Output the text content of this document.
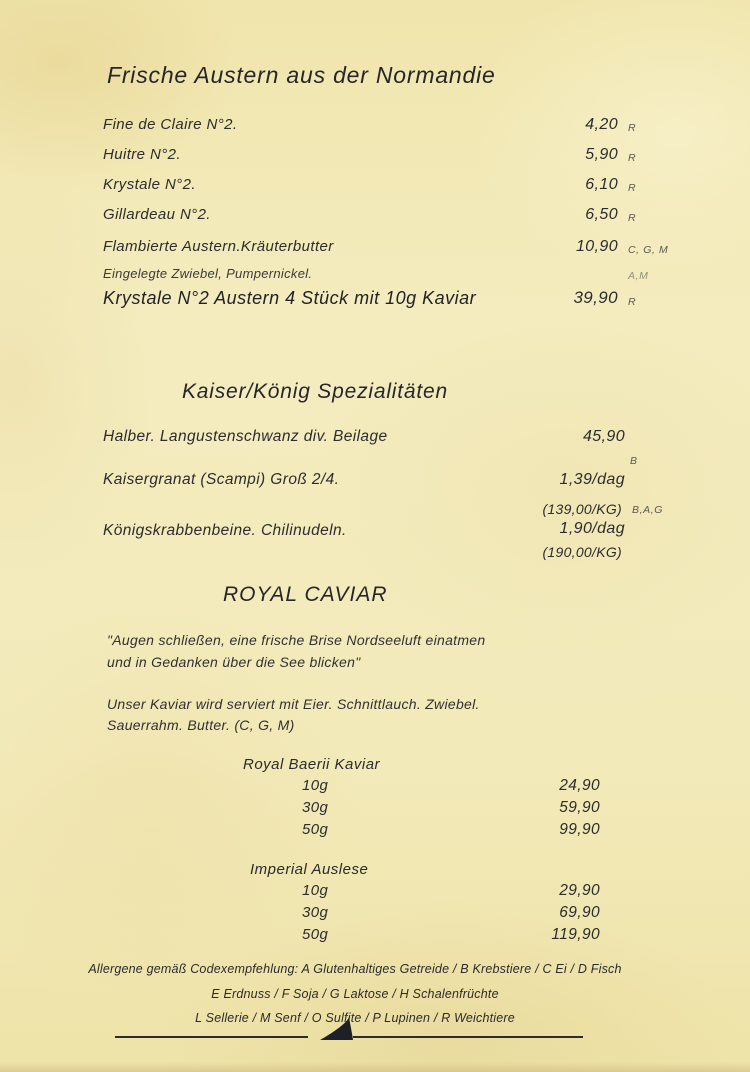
Frische Austern aus der Normandie
Fine de Claire N°2.	4,20 R
Huitre N°2.	5,90 R
Krystale N°2.	6,10 R
Gillardeau N°2.	6,50 R
Flambierte Austern.Kräuterbutter	10,90 C, G, M
Eingelegte Zwiebel, Pumpernickel.	A,M
Krystale N°2 Austern 4 Stück mit 10g Kaviar	39,90 R
Kaiser/König Spezialitäten
Halber. Langustenschwanz div. Beilage	45,90
B
Kaisergranat (Scampi) Groß 2/4.	1,39/dag
(139,00/KG) B,A,G
Königskrabbenbeine. Chilinudeln.	1,90/dag
(190,00/KG)
ROYAL CAVIAR
"Augen schließen, eine frische Brise Nordseeluft einatmen
und in Gedanken über die See blicken"
Unser Kaviar wird serviert mit Eier. Schnittlauch. Zwiebel.
Sauerrahm. Butter. (C, G, M)
Royal Baerii Kaviar
10g	24,90
30g	59,90
50g	99,90
Imperial Auslese
10g	29,90
30g	69,90
50g	119,90
Allergene gemäß Codexempfehlung: A Glutenhaltiges Getreide / B Krebstiere / C Ei / D Fisch
E Erdnuss / F Soja / G Laktose / H Schalenfrüchte
L Sellerie / M Senf / O Sulfite / P Lupinen / R Weichtiere
